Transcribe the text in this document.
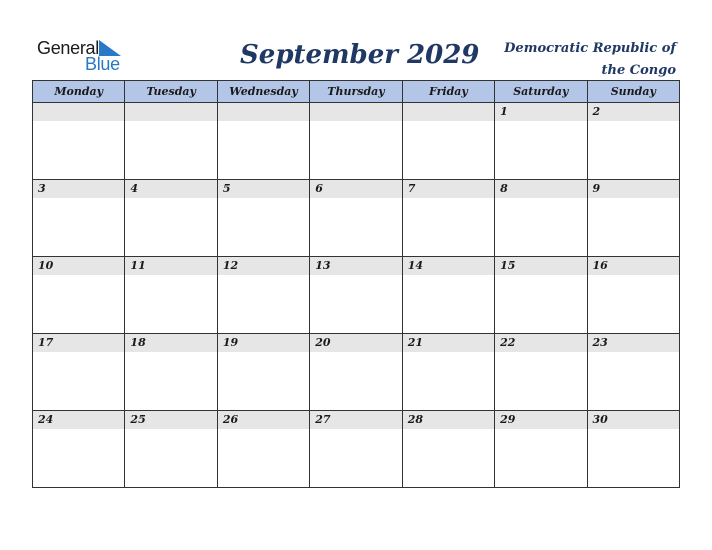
General
Blue	September 2029	Democratic Republic of the Congo
Monday	Tuesday	Wednesday	Thursday	Friday	Saturday	Sunday

					1	2

3	4	5	6	7	8	9

10	11	12	13	14	15	16

17	18	19	20	21	22	23

24	25	26	27	28	29	30
